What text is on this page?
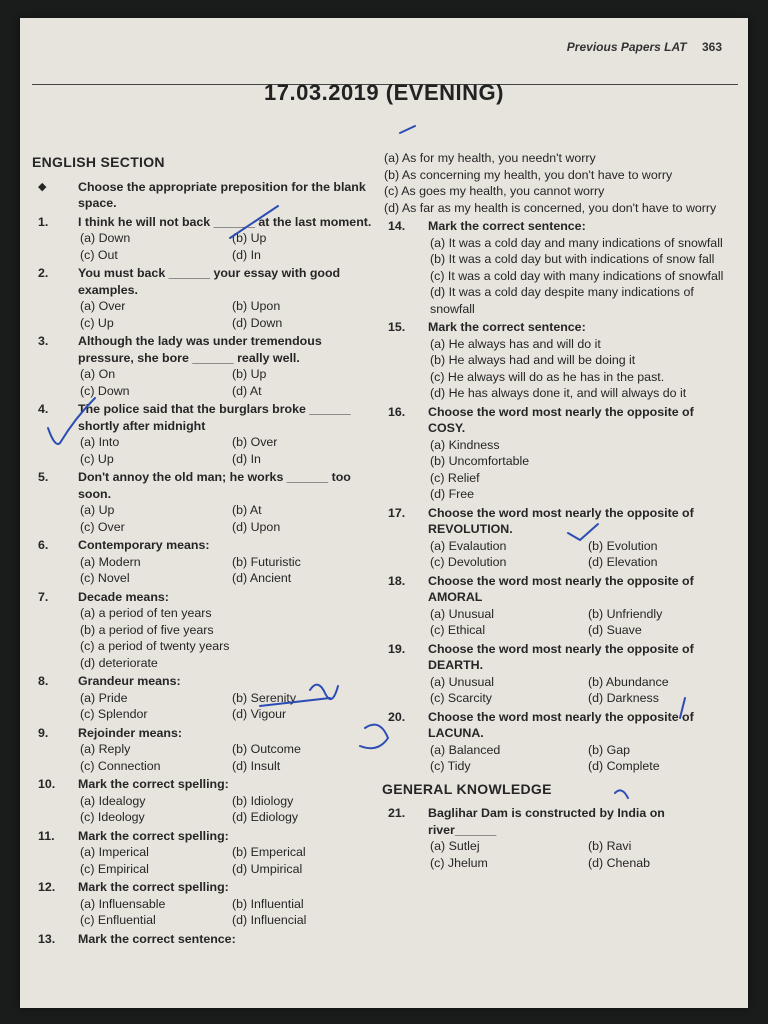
Previous Papers LAT 363
17.03.2019 (EVENING)
ENGLISH SECTION
◆	Choose the appropriate preposition for the blank space.
1.	I think he will not back ______ at the last moment.
(a) Down	(b) Up
(c) Out	(d) In
2.	You must back ______ your essay with good examples.
(a) Over	(b) Upon
(c) Up	(d) Down
3.	Although the lady was under tremendous pressure, she bore ______ really well.
(a) On	(b) Up
(c) Down	(d) At
4.	The police said that the burglars broke ______ shortly after midnight
(a) Into	(b) Over
(c) Up	(d) In
5.	Don't annoy the old man; he works ______ too soon.
(a) Up	(b) At
(c) Over	(d) Upon
6.	Contemporary means:
(a) Modern	(b) Futuristic
(c) Novel	(d) Ancient
7.	Decade means:
(a) a period of ten years
(b) a period of five years
(c) a period of twenty years
(d) deteriorate
8.	Grandeur means:
(a) Pride	(b) Serenity
(c) Splendor	(d) Vigour
9.	Rejoinder means:
(a) Reply	(b) Outcome
(c) Connection	(d) Insult
10.	Mark the correct spelling:
(a) Idealogy	(b) Idiology
(c) Ideology	(d) Ediology
11.	Mark the correct spelling:
(a) Imperical	(b) Emperical
(c) Empirical	(d) Umpirical
12.	Mark the correct spelling:
(a) Influensable	(b) Influential
(c) Enfluential	(d) Influencial
13.	Mark the correct sentence:
(a) As for my health, you needn't worry
(b) As concerning my health, you don't have to worry
(c) As goes my health, you cannot worry
(d) As far as my health is concerned, you don't have to worry
14.	Mark the correct sentence:
(a) It was a cold day and many indications of snowfall
(b) It was a cold day but with indications of snow fall
(c) It was a cold day with many indications of snowfall
(d) It was a cold day despite many indications of snowfall
15.	Mark the correct sentence:
(a) He always has and will do it
(b) He always had and will be doing it
(c) He always will do as he has in the past.
(d) He has always done it, and will always do it
16.	Choose the word most nearly the opposite of COSY.
(a) Kindness
(b) Uncomfortable
(c) Relief
(d) Free
17.	Choose the word most nearly the opposite of REVOLUTION.
(a) Evalaution	(b) Evolution
(c) Devolution	(d) Elevation
18.	Choose the word most nearly the opposite of AMORAL
(a) Unusual	(b) Unfriendly
(c) Ethical	(d) Suave
19.	Choose the word most nearly the opposite of DEARTH.
(a) Unusual	(b) Abundance
(c) Scarcity	(d) Darkness
20.	Choose the word most nearly the opposite of LACUNA.
(a) Balanced	(b) Gap
(c) Tidy	(d) Complete
GENERAL KNOWLEDGE
21.	Baglihar Dam is constructed by India on river______
(a) Sutlej	(b) Ravi
(c) Jhelum	(d) Chenab
